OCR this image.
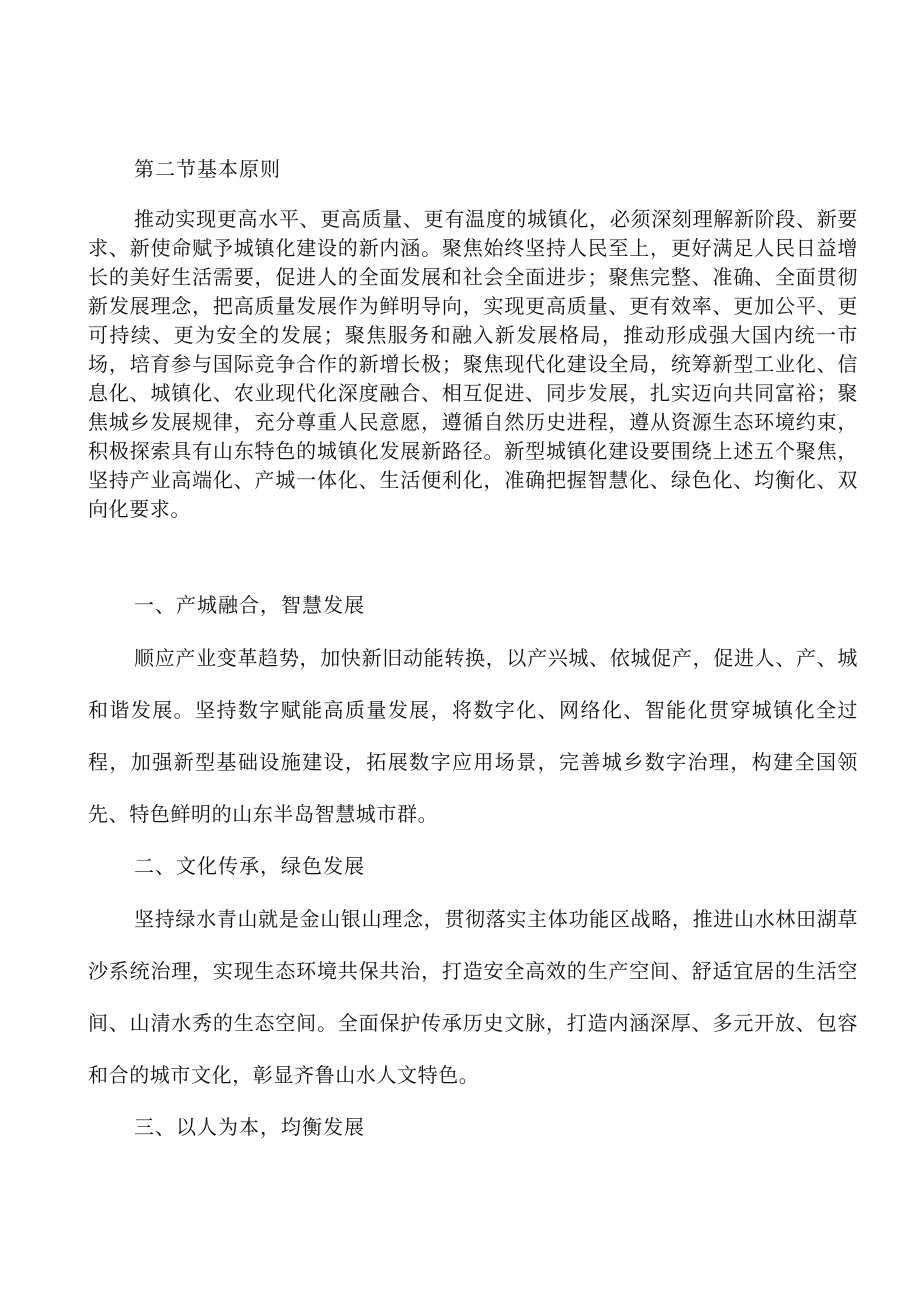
第二节基本原则
推动实现更高水平、更高质量、更有温度的城镇化，必须深刻理解新阶段、新要求、新使命赋予城镇化建设的新内涵。聚焦始终坚持人民至上，更好满足人民日益增长的美好生活需要，促进人的全面发展和社会全面进步；聚焦完整、准确、全面贯彻新发展理念，把高质量发展作为鲜明导向，实现更高质量、更有效率、更加公平、更可持续、更为安全的发展；聚焦服务和融入新发展格局，推动形成强大国内统一市场，培育参与国际竞争合作的新增长极；聚焦现代化建设全局，统筹新型工业化、信息化、城镇化、农业现代化深度融合、相互促进、同步发展，扎实迈向共同富裕；聚焦城乡发展规律，充分尊重人民意愿，遵循自然历史进程，遵从资源生态环境约束，积极探索具有山东特色的城镇化发展新路径。新型城镇化建设要围绕上述五个聚焦，坚持产业高端化、产城一体化、生活便利化，准确把握智慧化、绿色化、均衡化、双向化要求。
一、产城融合，智慧发展
顺应产业变革趋势，加快新旧动能转换，以产兴城、依城促产，促进人、产、城和谐发展。坚持数字赋能高质量发展，将数字化、网络化、智能化贯穿城镇化全过程，加强新型基础设施建设，拓展数字应用场景，完善城乡数字治理，构建全国领先、特色鲜明的山东半岛智慧城市群。
二、文化传承，绿色发展
坚持绿水青山就是金山银山理念，贯彻落实主体功能区战略，推进山水林田湖草沙系统治理，实现生态环境共保共治，打造安全高效的生产空间、舒适宜居的生活空间、山清水秀的生态空间。全面保护传承历史文脉，打造内涵深厚、多元开放、包容和合的城市文化，彰显齐鲁山水人文特色。
三、以人为本，均衡发展
